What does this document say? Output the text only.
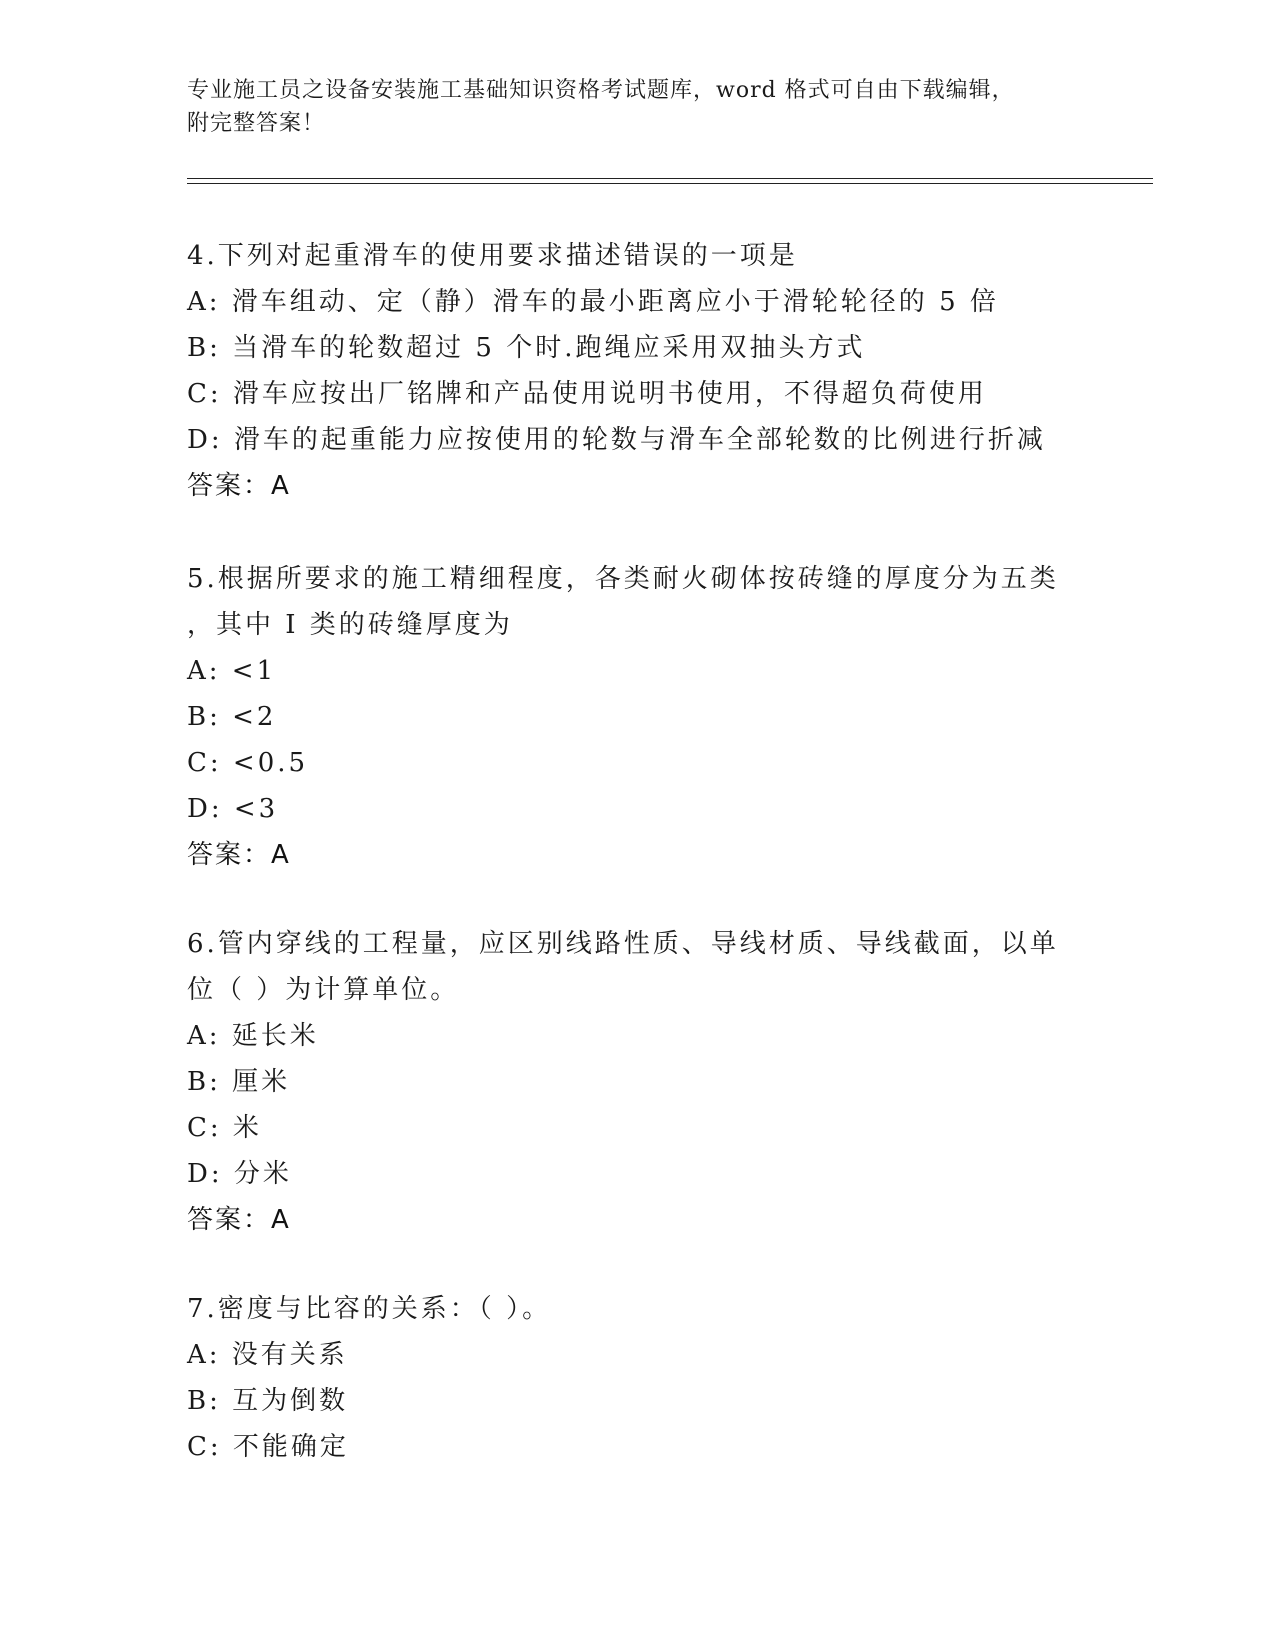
专业施工员之设备安装施工基础知识资格考试题库，word 格式可自由下载编辑，
附完整答案！
4.下列对起重滑车的使用要求描述错误的一项是
A: 滑车组动、定（静）滑车的最小距离应小于滑轮轮径的 5 倍
B: 当滑车的轮数超过 5 个时.跑绳应采用双抽头方式
C: 滑车应按出厂铭牌和产品使用说明书使用，不得超负荷使用
D: 滑车的起重能力应按使用的轮数与滑车全部轮数的比例进行折减
答案：A
5.根据所要求的施工精细程度，各类耐火砌体按砖缝的厚度分为五类
，其中 I 类的砖缝厚度为
A: <1
B: <2
C: <0.5
D: <3
答案：A
6.管内穿线的工程量，应区别线路性质、导线材质、导线截面，以单
位（ ）为计算单位。
A: 延长米
B: 厘米
C: 米
D: 分米
答案：A
7.密度与比容的关系：（ ）。
A: 没有关系
B: 互为倒数
C: 不能确定
